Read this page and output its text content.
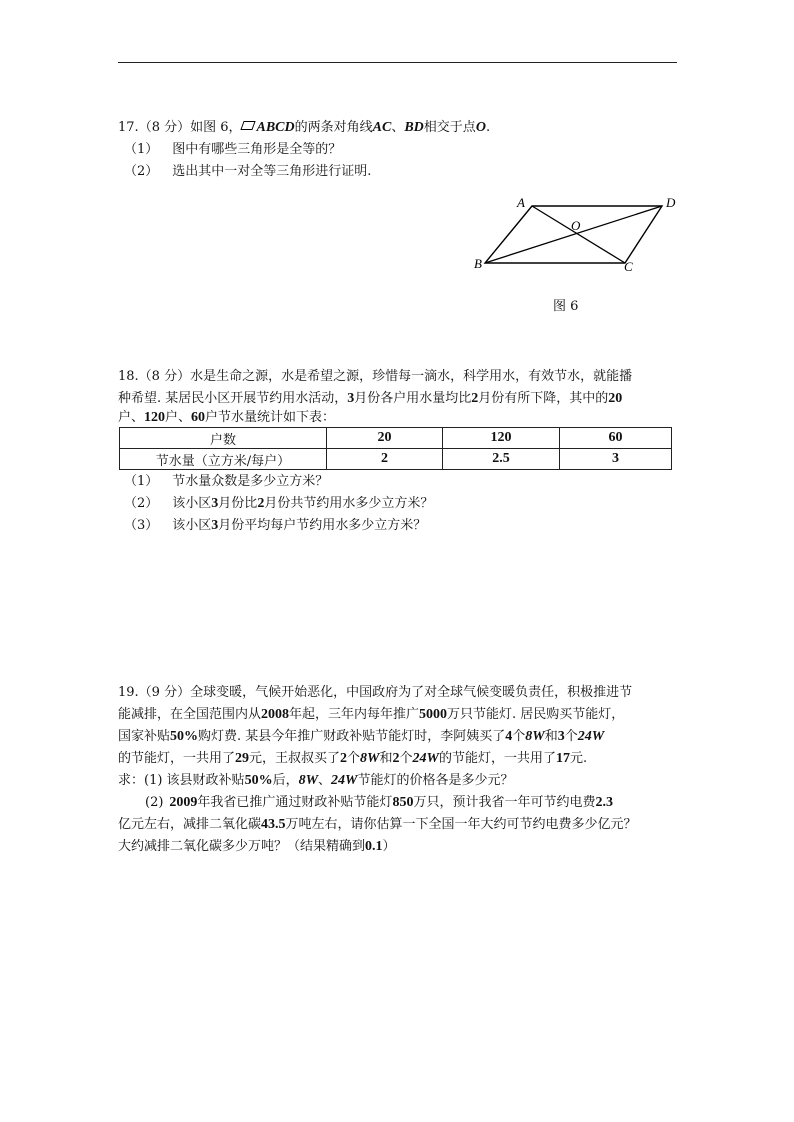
17.（8 分）如图 6， ABCD的两条对角线AC、BD相交于点O.
（1） 图中有哪些三角形是全等的？
（2） 选出其中一对全等三角形进行证明.
A	D
B	C
O
图 6
18.（8 分）水是生命之源，水是希望之源，珍惜每一滴水，科学用水，有效节水，就能播
种希望. 某居民小区开展节约用水活动，3月份各户用水量均比2月份有所下降，其中的20
户、120户、60户节水量统计如下表：
户数	20	120	60
节水量（立方米/每户）	2	2.5	3
（1） 节水量众数是多少立方米？
（2） 该小区3月份比2月份共节约用水多少立方米？
（3） 该小区3月份平均每户节约用水多少立方米？
19.（9 分）全球变暖，气候开始恶化，中国政府为了对全球气候变暖负责任，积极推进节
能减排，在全国范围内从2008年起，三年内每年推广5000万只节能灯. 居民购买节能灯，
国家补贴50%购灯费. 某县今年推广财政补贴节能灯时，李阿姨买了4个8W和3个24W
的节能灯，一共用了29元，王叔叔买了2个8W和2个24W的节能灯，一共用了17元.
求：(1) 该县财政补贴50%后，8W、24W节能灯的价格各是多少元？
(2) 2009年我省已推广通过财政补贴节能灯850万只，预计我省一年可节约电费2.3
亿元左右，减排二氧化碳43.5万吨左右，请你估算一下全国一年大约可节约电费多少亿元？
大约减排二氧化碳多少万吨？（结果精确到0.1）
